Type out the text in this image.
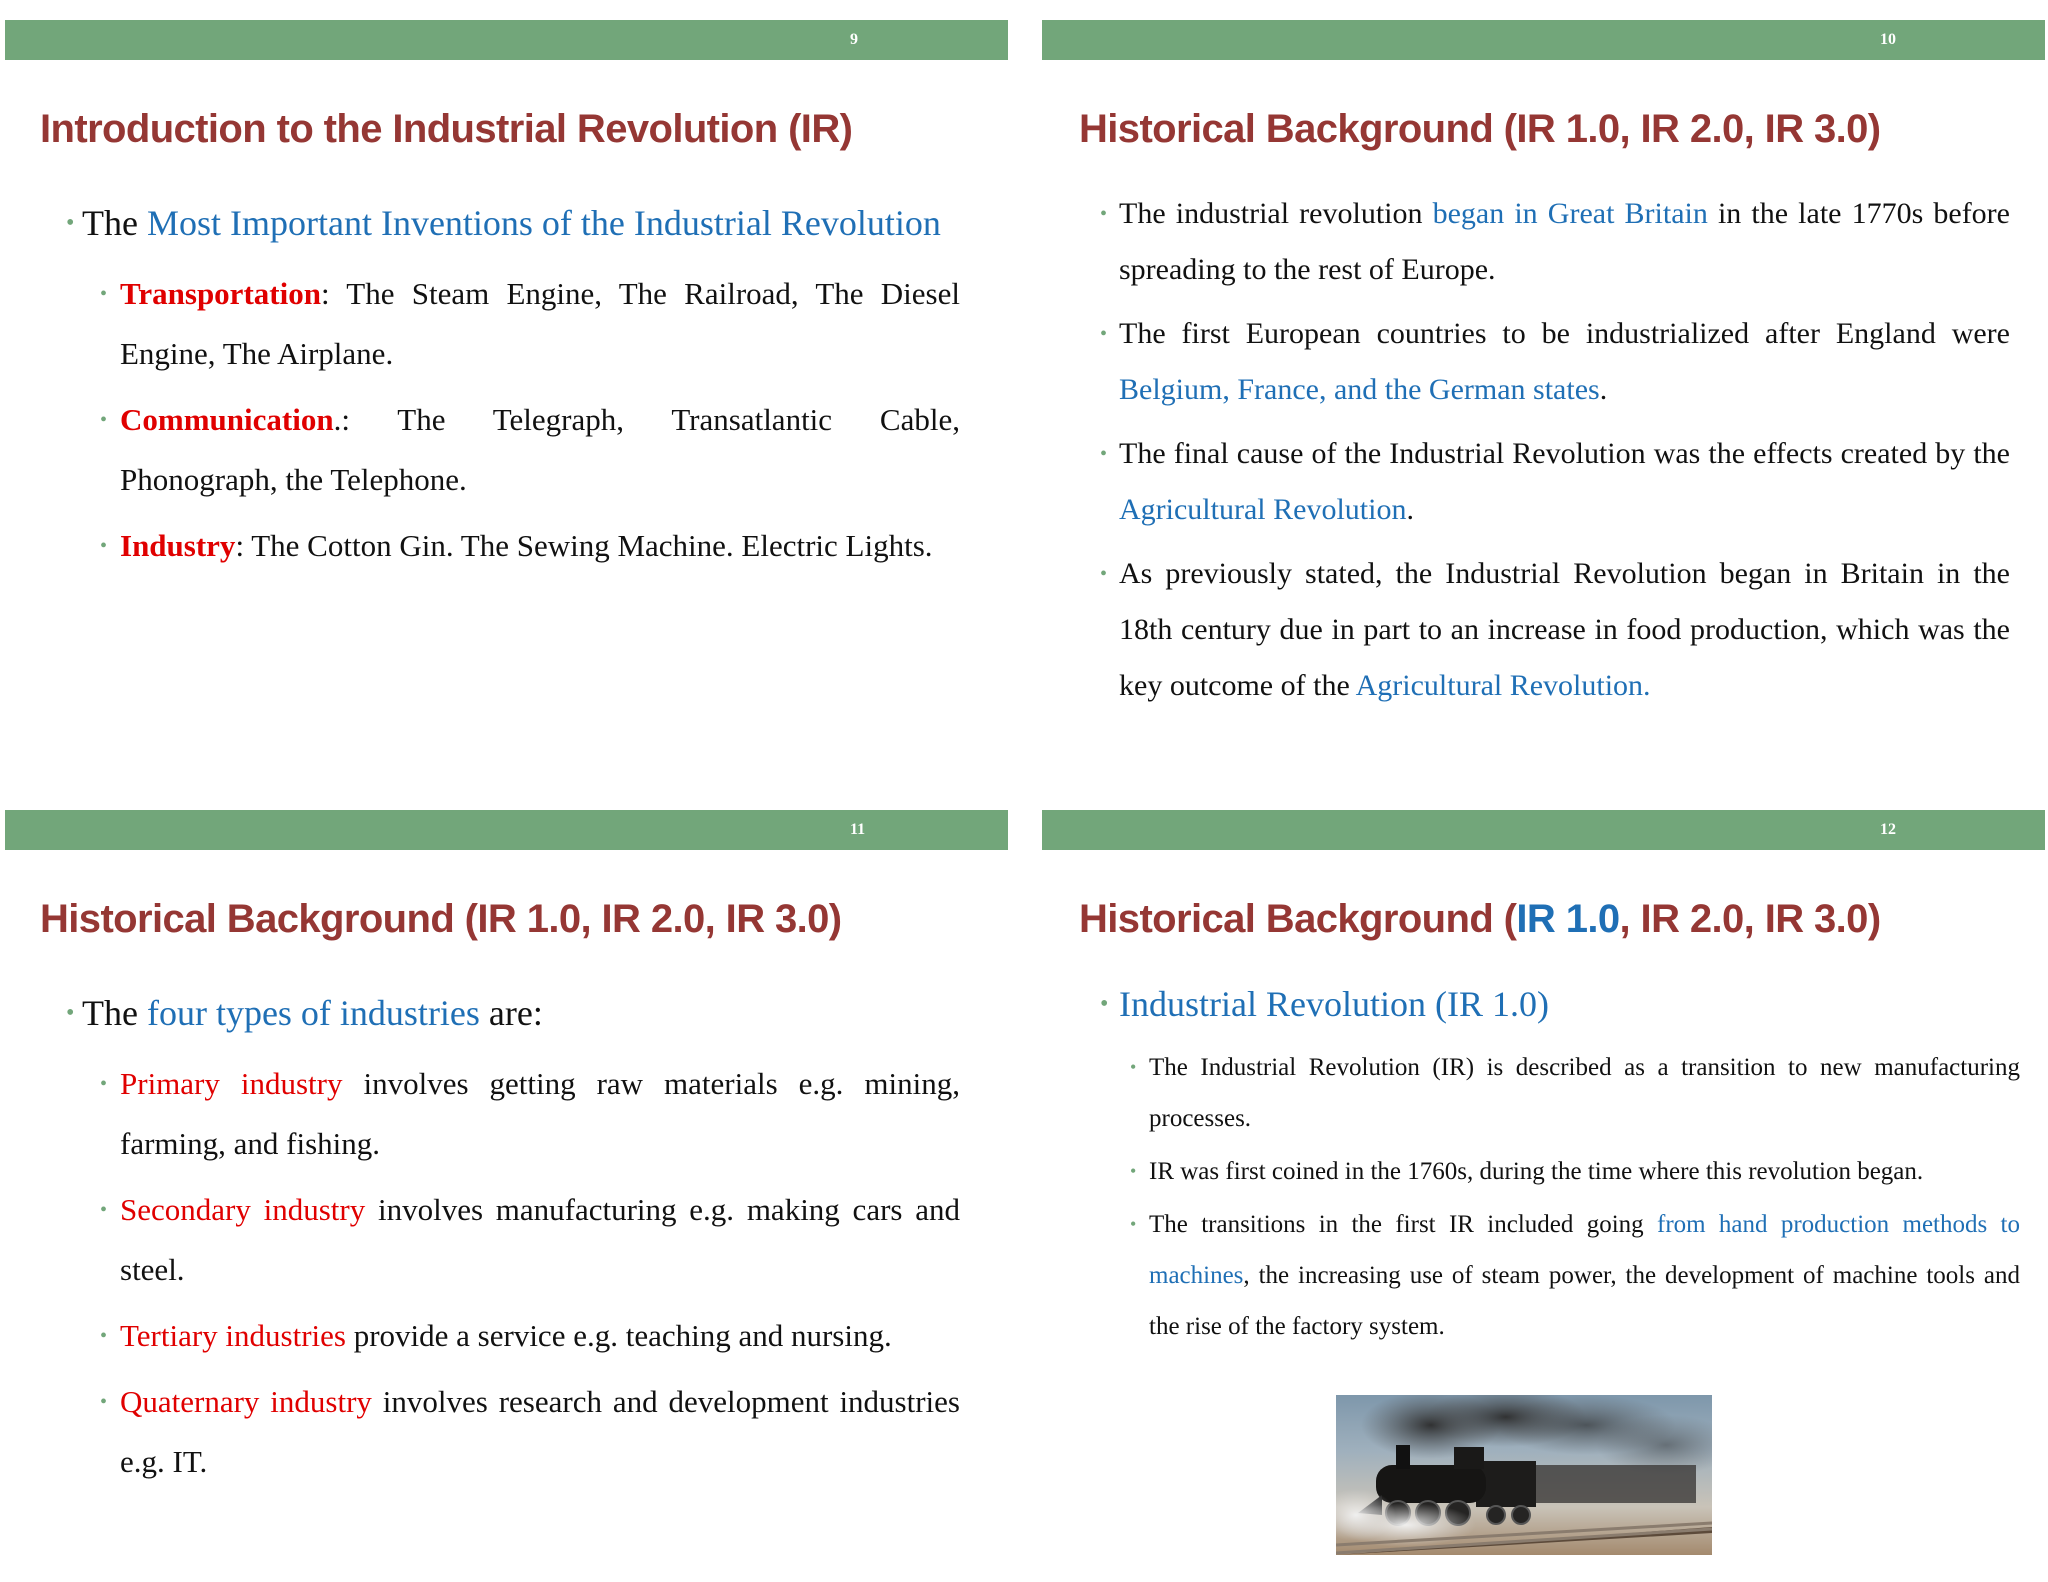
9
Introduction to the Industrial Revolution (IR)
• The Most Important Inventions of the Industrial Revolution
• Transportation: The Steam Engine, The Railroad, The Diesel Engine, The Airplane.
• Communication.: The Telegraph, Transatlantic Cable, Phonograph, the Telephone.
• Industry: The Cotton Gin. The Sewing Machine. Electric Lights.
10
Historical Background (IR 1.0, IR 2.0, IR 3.0)
• The industrial revolution began in Great Britain in the late 1770s before spreading to the rest of Europe.
• The first European countries to be industrialized after England were Belgium, France, and the German states.
• The final cause of the Industrial Revolution was the effects created by the Agricultural Revolution.
• As previously stated, the Industrial Revolution began in Britain in the 18th century due in part to an increase in food production, which was the key outcome of the Agricultural Revolution.
11
Historical Background (IR 1.0, IR 2.0, IR 3.0)
• The four types of industries are:
• Primary industry involves getting raw materials e.g. mining, farming, and fishing.
• Secondary industry involves manufacturing e.g. making cars and steel.
• Tertiary industries provide a service e.g. teaching and nursing.
• Quaternary industry involves research and development industries e.g. IT.
12
Historical Background (IR 1.0, IR 2.0, IR 3.0)
• Industrial Revolution (IR 1.0)
• The Industrial Revolution (IR) is described as a transition to new manufacturing processes.
• IR was first coined in the 1760s, during the time where this revolution began.
• The transitions in the first IR included going from hand production methods to machines, the increasing use of steam power, the development of machine tools and the rise of the factory system.
